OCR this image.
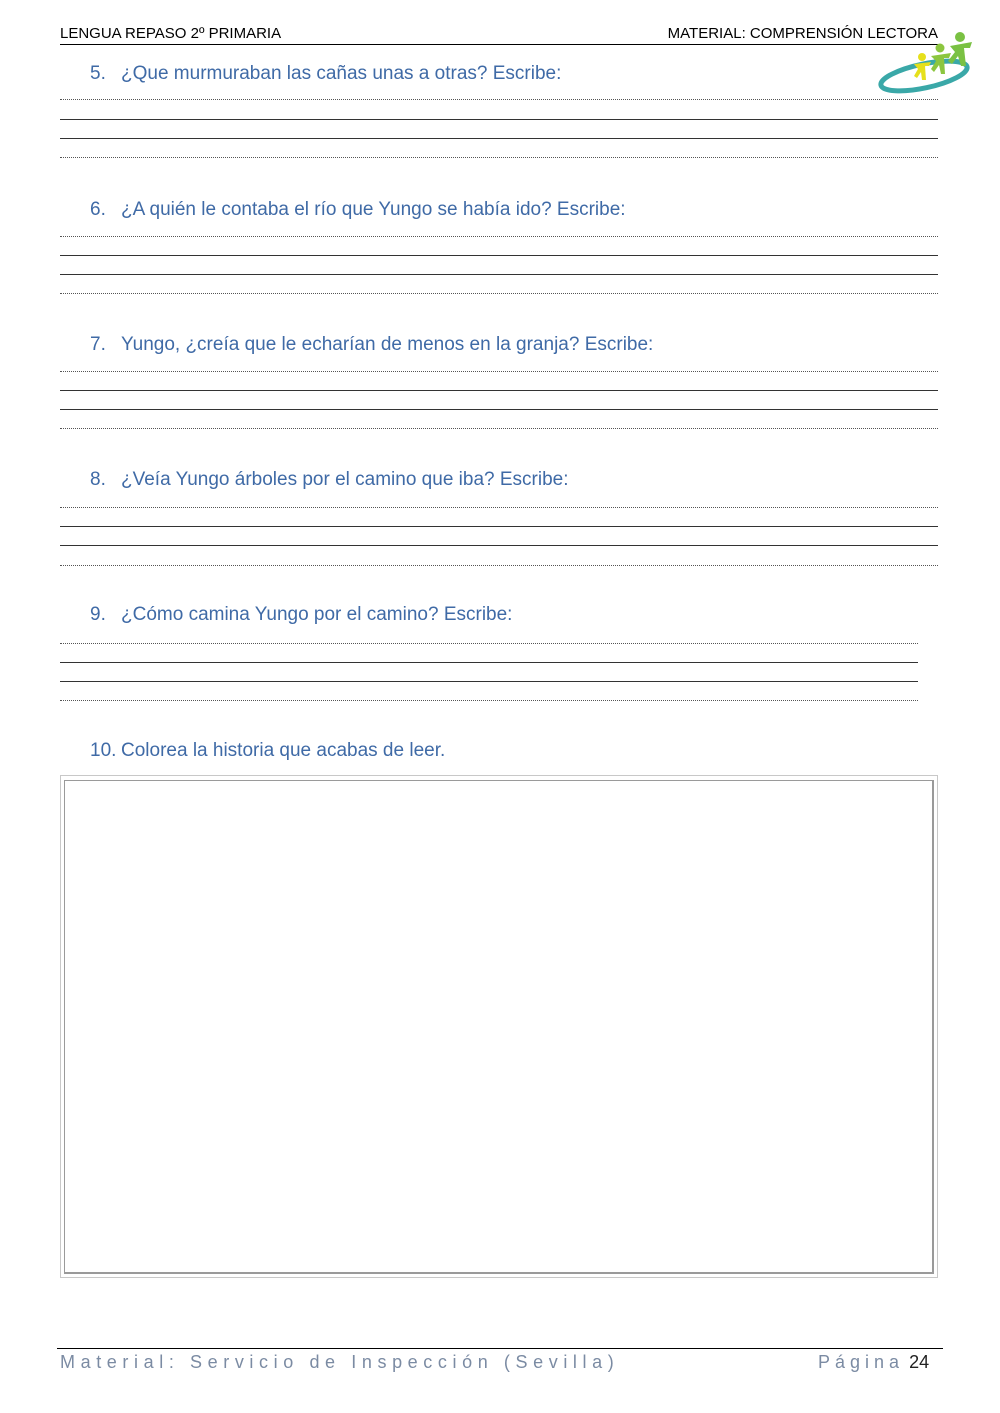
LENGUA REPASO 2º PRIMARIA	MATERIAL: COMPRENSIÓN LECTORA
5. ¿Que murmuraban las cañas unas a otras? Escribe:
6. ¿A quién le contaba el río que Yungo se había ido? Escribe:
7. Yungo, ¿creía que le echarían de menos en la granja? Escribe:
8. ¿Veía Yungo árboles por el camino que iba? Escribe:
9. ¿Cómo camina Yungo por el camino? Escribe:
10. Colorea la historia que acabas de leer.
Material: Servicio de Inspección (Sevilla)	Página 24
